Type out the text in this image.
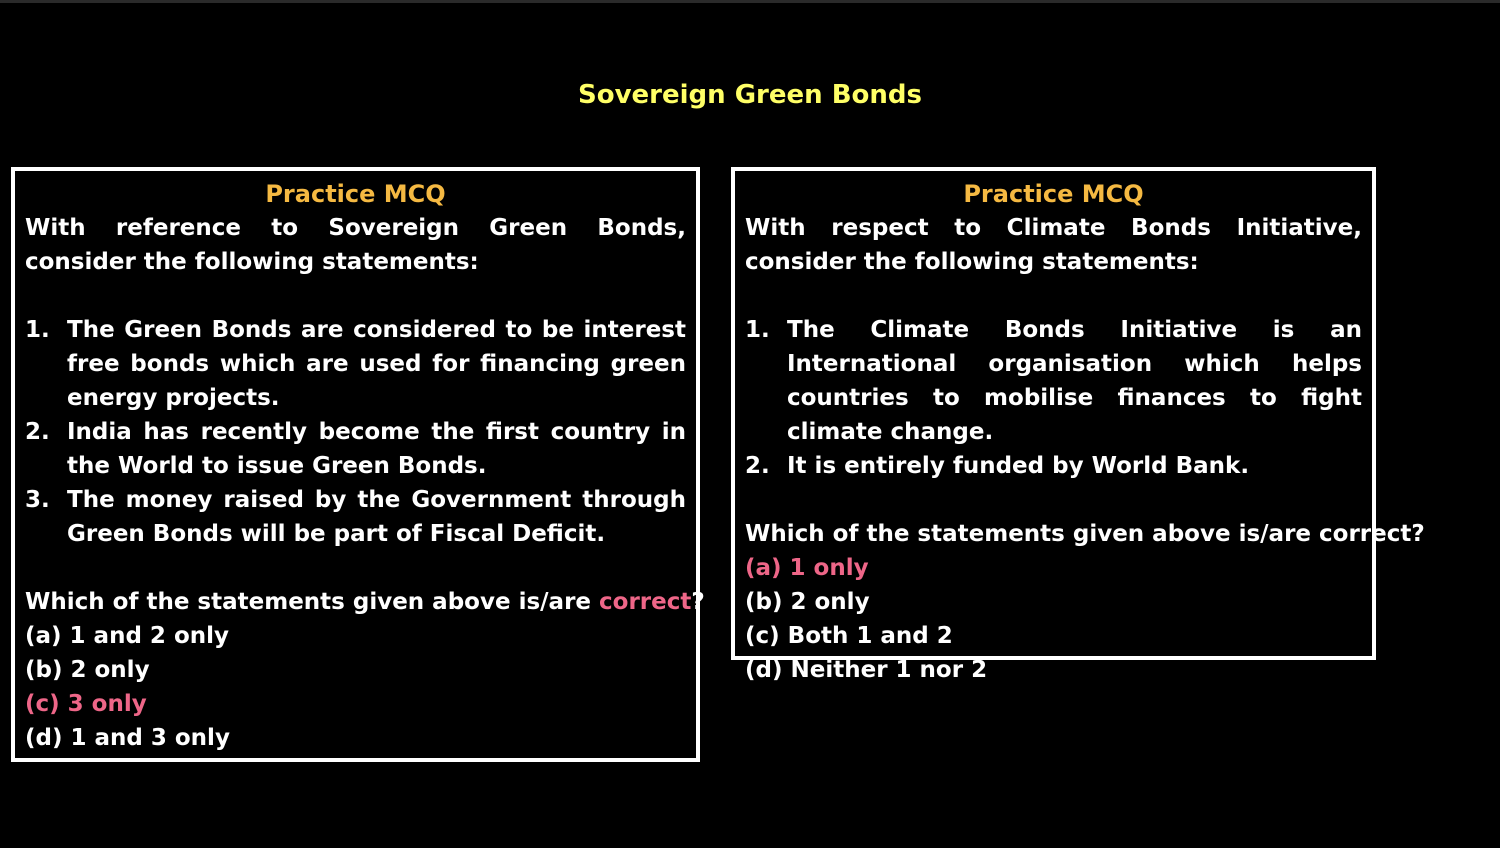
Sovereign Green Bonds
Practice MCQ
With reference to Sovereign Green Bonds, consider the following statements:
1. The Green Bonds are considered to be interest free bonds which are used for financing green energy projects.
2. India has recently become the first country in the World to issue Green Bonds.
3. The money raised by the Government through Green Bonds will be part of Fiscal Deficit.
Which of the statements given above is/are correct?
(a) 1 and 2 only
(b) 2 only
(c) 3 only
(d) 1 and 3 only
Practice MCQ
With respect to Climate Bonds Initiative, consider the following statements:
1. The Climate Bonds Initiative is an International organisation which helps countries to mobilise finances to fight climate change.
2. It is entirely funded by World Bank.
Which of the statements given above is/are correct?
(a) 1 only
(b) 2 only
(c) Both 1 and 2
(d) Neither 1 nor 2
